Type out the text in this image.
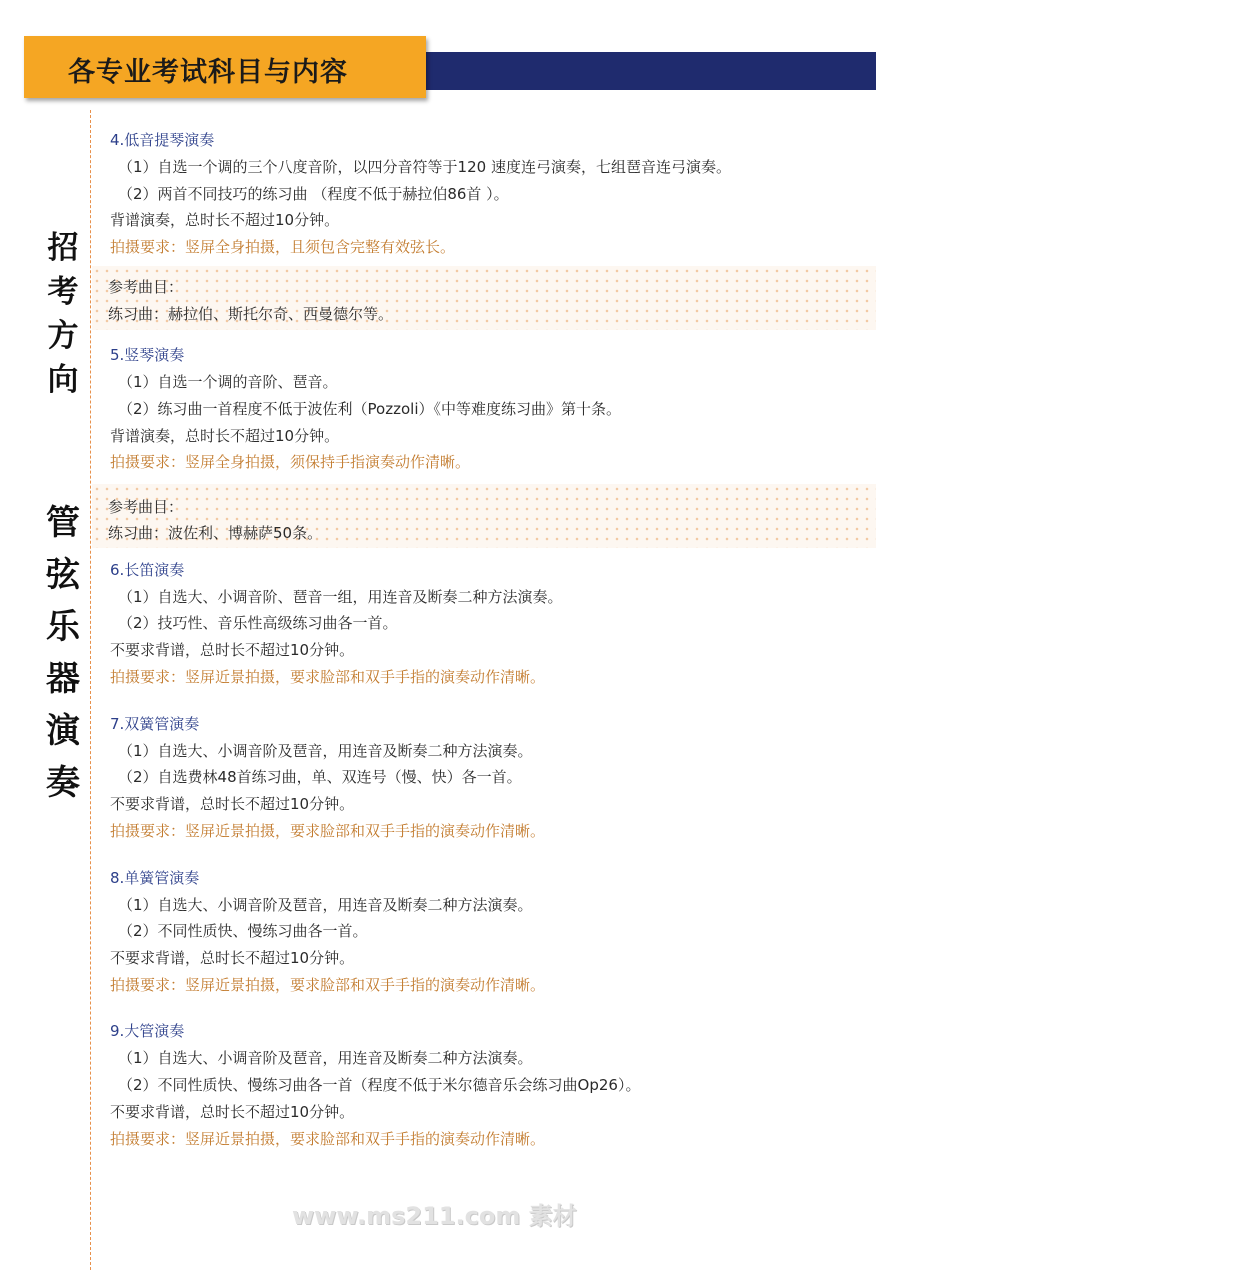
19
各专业考试科目与内容
招考方向
管弦乐器演奏
4.低音提琴演奏
（1）自选一个调的三个八度音阶，以四分音符等于120 速度连弓演奏，七组琶音连弓演奏。
（2）两首不同技巧的练习曲 （程度不低于赫拉伯86首 ）。
背谱演奏，总时长不超过10分钟。
拍摄要求：竖屏全身拍摄，且须包含完整有效弦长。
参考曲目：
练习曲：赫拉伯、斯托尔奇、西曼德尔等。
5.竖琴演奏
（1）自选一个调的音阶、琶音。
（2）练习曲一首程度不低于波佐利（Pozzoli）《中等难度练习曲》第十条。
背谱演奏，总时长不超过10分钟。
拍摄要求：竖屏全身拍摄，须保持手指演奏动作清晰。
参考曲目：
练习曲：波佐利、博赫萨50条。
6.长笛演奏
（1）自选大、小调音阶、琶音一组，用连音及断奏二种方法演奏。
（2）技巧性、音乐性高级练习曲各一首。
不要求背谱，总时长不超过10分钟。
拍摄要求：竖屏近景拍摄，要求脸部和双手手指的演奏动作清晰。
7.双簧管演奏
（1）自选大、小调音阶及琶音，用连音及断奏二种方法演奏。
（2）自选费林48首练习曲，单、双连号（慢、快）各一首。
不要求背谱，总时长不超过10分钟。
拍摄要求：竖屏近景拍摄，要求脸部和双手手指的演奏动作清晰。
8.单簧管演奏
（1）自选大、小调音阶及琶音，用连音及断奏二种方法演奏。
（2）不同性质快、慢练习曲各一首。
不要求背谱，总时长不超过10分钟。
拍摄要求：竖屏近景拍摄，要求脸部和双手手指的演奏动作清晰。
9.大管演奏
（1）自选大、小调音阶及琶音，用连音及断奏二种方法演奏。
（2）不同性质快、慢练习曲各一首（程度不低于米尔德音乐会练习曲Op26）。
不要求背谱，总时长不超过10分钟。
拍摄要求：竖屏近景拍摄，要求脸部和双手手指的演奏动作清晰。
www.ms211.com 素材
